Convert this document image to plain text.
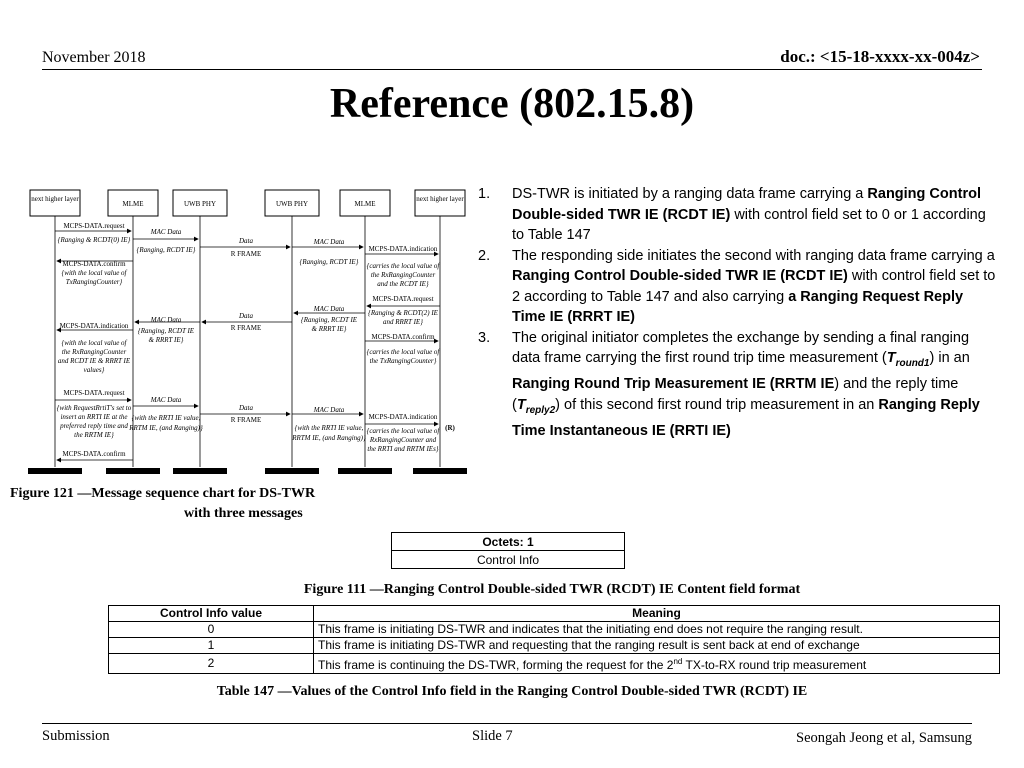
November 2018	doc.: <15-18-xxxx-xx-004z>
Reference (802.15.8)
next higher layer
MLME	UWB PHY	UWB PHY	MLME
next higher layer
MCPS-DATA.request
{Ranging & RCDT(0) IE}
MCPS-DATA.confirm
{with the local value of
TxRangingCounter}
MCPS-DATA.indication
{with the local value of
the RxRangingCounter
and RCDT IE & RRRT IE
values}
MCPS-DATA.request
{with RequestRrtiT's set to
insert an RRTI IE at the
preferred reply time and
the RRTM IE}
MCPS-DATA.confirm
MAC Data
{Ranging, RCDT IE}
MAC Data
{Ranging, RCDT IE
& RRRT IE}
MAC Data
{with the RRTI IE value,
RRTM IE, (and Ranging)}
Data
R FRAME
Data
R FRAME
Data
R FRAME
MAC Data
{Ranging, RCDT IE}
MAC Data
{Ranging, RCDT IE
& RRRT IE}
MAC Data
{with the RRTI IE value,
RRTM IE, (and Ranging)}
MCPS-DATA.indication
{carries the local value of
the RxRangingCounter
and the RCDT IE}
MCPS-DATA.request
{Ranging & RCDT(2) IE
and RRRT IE}
MCPS-DATA.confirm
{carries the local value of
the TxRangingCounter}
MCPS-DATA.indication
{carries the local value of
RxRangingCounter and
the RRTI and RRTM IEs}
(R)
Figure 121 —Message sequence chart for DS-TWR
with three messages
1. DS-TWR is initiated by a ranging data frame carrying a Ranging Control Double-sided TWR IE (RCDT IE) with control field set to 0 or 1 according to Table 147
2. The responding side initiates the second with ranging data frame carrying a Ranging Control Double-sided TWR IE (RCDT IE) with control field set to 2 according to Table 147 and also carrying a Ranging Request Reply Time IE (RRRT IE)
3. The original initiator completes the exchange by sending a final ranging data frame carrying the first round trip time measurement $(T_{round1})$ in an Ranging Round Trip Measurement IE (RRTM IE) and the reply time $(T_{reply2})$ of this second first round trip measurement in an Ranging Reply Time Instantaneous IE (RRTI IE)
Octets: 1
Control Info
Figure 111 —Ranging Control Double-sided TWR (RCDT) IE Content field format
Control Info value	Meaning
0	This frame is initiating DS-TWR and indicates that the initiating end does not require the ranging result.
1	This frame is initiating DS-TWR and requesting that the ranging result is sent back at end of exchange
2	This frame is continuing the DS-TWR, forming the request for the 2nd TX-to-RX round trip measurement
Table 147 —Values of the Control Info field in the Ranging Control Double-sided TWR (RCDT) IE
Submission	Slide 7	Seongah Jeong et al, Samsung
